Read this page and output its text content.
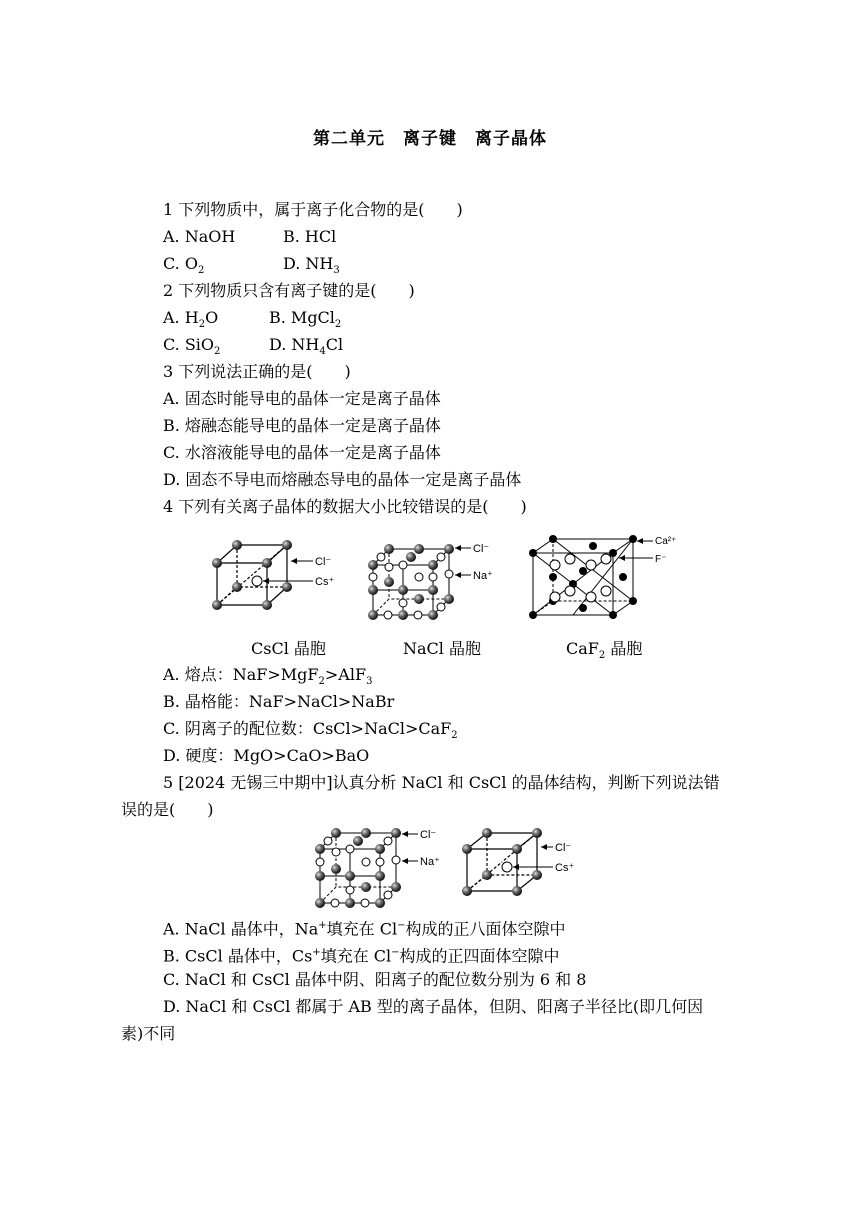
第二单元　离子键　离子晶体
1 下列物质中，属于离子化合物的是(　　)
A. NaOH	B. HCl
C. $O_2$	D. $NH_3$
2 下列物质只含有离子键的是(　　)
A. $H_2O$	B. MgCl$_2$
C. SiO$_2$	D. $NH_4Cl$
3 下列说法正确的是(　　)
A. 固态时能导电的晶体一定是离子晶体
B. 熔融态能导电的晶体一定是离子晶体
C. 水溶液能导电的晶体一定是离子晶体
D. 固态不导电而熔融态导电的晶体一定是离子晶体
4 下列有关离子晶体的数据大小比较错误的是(　　)
Cl⁻
Cs⁺
Cl⁻
Na⁺
Ca²⁺
F⁻
CsCl 晶胞	NaCl 晶胞	CaF$_2$ 晶胞
A. 熔点：NaF>MgF$_2$>AlF$_3$
B. 晶格能：NaF>NaCl>NaBr
C. 阴离子的配位数：CsCl>NaCl>CaF$_2$
D. 硬度：MgO>CaO>BaO
5 [2024 无锡三中期中]认真分析 NaCl 和 CsCl 的晶体结构，判断下列说法错
误的是(　　)
Cl⁻
Na⁺
Cl⁻
Cs⁺
A. NaCl 晶体中，Na+填充在 Cl−构成的正八面体空隙中
B. CsCl 晶体中，Cs+填充在 Cl−构成的正四面体空隙中
C. NaCl 和 CsCl 晶体中阴、阳离子的配位数分别为 6 和 8
D. NaCl 和 CsCl 都属于 AB 型的离子晶体，但阴、阳离子半径比(即几何因
素)不同
